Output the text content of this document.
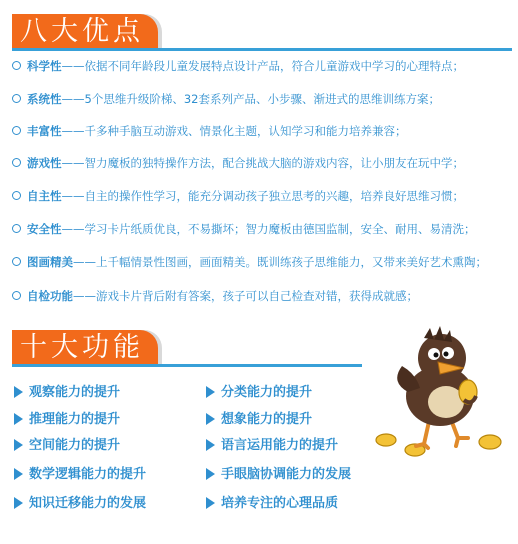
八大优点
科学性——依据不同年龄段儿童发展特点设计产品，符合儿童游戏中学习的心理特点；
系统性——5个思维升级阶梯、32套系列产品、小步骤、渐进式的思维训练方案；
丰富性——千多种手脑互动游戏、情景化主题，认知学习和能力培养兼容；
游戏性——智力魔板的独特操作方法，配合挑战大脑的游戏内容，让小朋友在玩中学；
自主性——自主的操作性学习，能充分调动孩子独立思考的兴趣，培养良好思维习惯；
安全性——学习卡片纸质优良，不易撕坏；智力魔板由德国监制，安全、耐用、易清洗；
图画精美——上千幅情景性图画，画面精美。既训练孩子思维能力，又带来美好艺术熏陶；
自检功能——游戏卡片背后附有答案，孩子可以自己检查对错，获得成就感；
十大功能
观察能力的提升
推理能力的提升
空间能力的提升
数学逻辑能力的提升
知识迁移能力的发展
分类能力的提升
想象能力的提升
语言运用能力的提升
手眼脑协调能力的发展
培养专注的心理品质
